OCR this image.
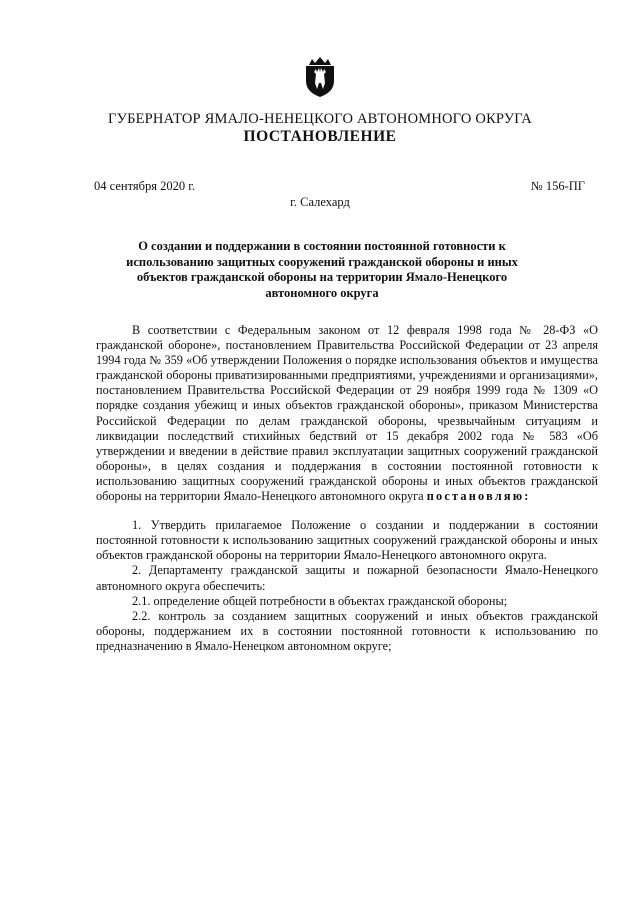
ГУБЕРНАТОР ЯМАЛО-НЕНЕЦКОГО АВТОНОМНОГО ОКРУГА
ПОСТАНОВЛЕНИЕ
04 сентября 2020 г.	№ 156-ПГ
г. Салехард
О создании и поддержании в состоянии постоянной готовности к использованию защитных сооружений гражданской обороны и иных объектов гражданской обороны на территории Ямало-Ненецкого автономного округа

В соответствии с Федеральным законом от 12 февраля 1998 года № 28-ФЗ «О гражданской обороне», постановлением Правительства Российской Федерации от 23 апреля 1994 года № 359 «Об утверждении Положения о порядке использования объектов и имущества гражданской обороны приватизированными предприятиями, учреждениями и организациями», постановлением Правительства Российской Федерации от 29 ноября 1999 года № 1309 «О порядке создания убежищ и иных объектов гражданской обороны», приказом Министерства Российской Федерации по делам гражданской обороны, чрезвычайным ситуациям и ликвидации последствий стихийных бедствий от 15 декабря 2002 года № 583 «Об утверждении и введении в действие правил эксплуатации защитных сооружений гражданской обороны», в целях создания и поддержания в состоянии постоянной готовности к использованию защитных сооружений гражданской обороны и иных объектов гражданской обороны на территории Ямало-Ненецкого автономного округа постановляю:

1. Утвердить прилагаемое Положение о создании и поддержании в состоянии постоянной готовности к использованию защитных сооружений гражданской обороны и иных объектов гражданской обороны на территории Ямало-Ненецкого автономного округа.

2. Департаменту гражданской защиты и пожарной безопасности Ямало-Ненецкого автономного округа обеспечить:

2.1. определение общей потребности в объектах гражданской обороны;

2.2. контроль за созданием защитных сооружений и иных объектов гражданской обороны, поддержанием их в состоянии постоянной готовности к использованию по предназначению в Ямало-Ненецком автономном округе;
